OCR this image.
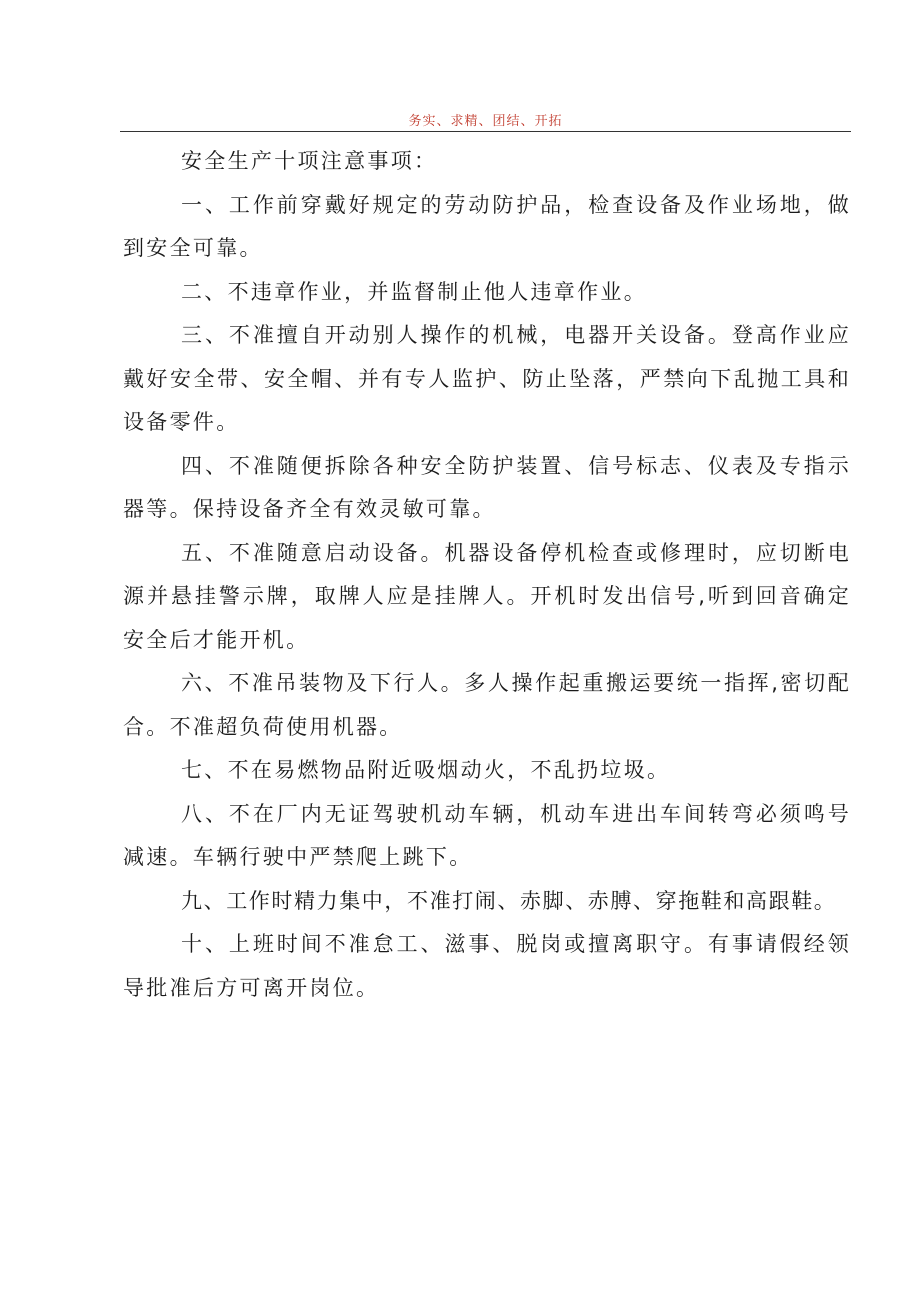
务实、求精、团结、开拓

安全生产十项注意事项：

一、工作前穿戴好规定的劳动防护品，检查设备及作业场地，做到安全可靠。

二、不违章作业，并监督制止他人违章作业。

三、不准擅自开动别人操作的机械，电器开关设备。登高作业应戴好安全带、安全帽、并有专人监护、防止坠落，严禁向下乱抛工具和设备零件。

四、不准随便拆除各种安全防护装置、信号标志、仪表及专指示器等。保持设备齐全有效灵敏可靠。

五、不准随意启动设备。机器设备停机检查或修理时，应切断电源并悬挂警示牌，取牌人应是挂牌人。开机时发出信号,听到回音确定安全后才能开机。

六、不准吊装物及下行人。多人操作起重搬运要统一指挥,密切配合。不准超负荷使用机器。

七、不在易燃物品附近吸烟动火，不乱扔垃圾。

八、不在厂内无证驾驶机动车辆，机动车进出车间转弯必须鸣号减速。车辆行驶中严禁爬上跳下。

九、工作时精力集中，不准打闹、赤脚、赤膊、穿拖鞋和高跟鞋。

十、上班时间不准怠工、滋事、脱岗或擅离职守。有事请假经领导批准后方可离开岗位。
